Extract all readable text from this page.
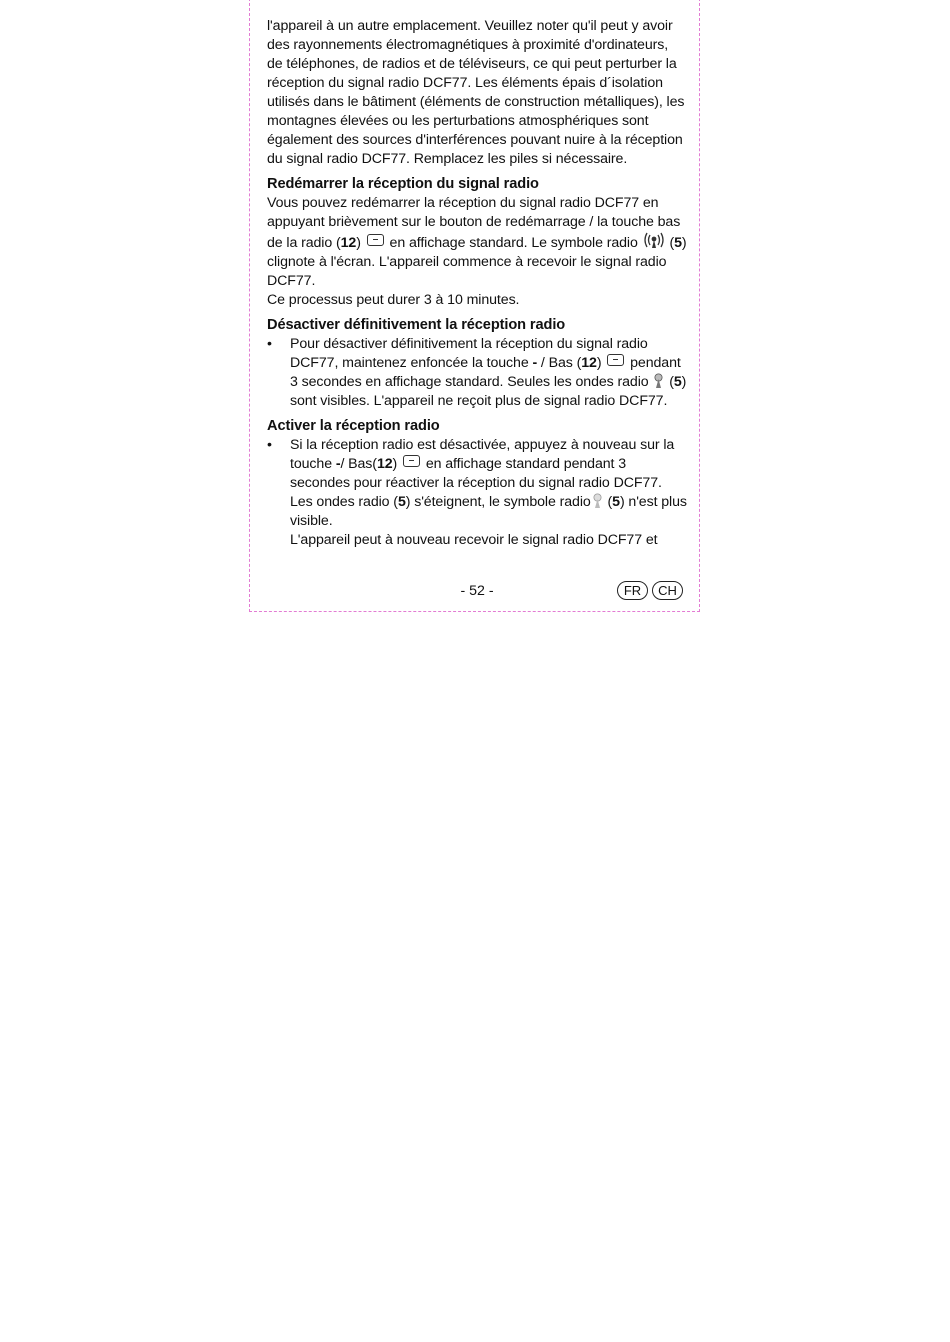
l'appareil à un autre emplacement. Veuillez noter qu'il peut y avoir des rayonnements électromagnétiques à proximité d'ordinateurs, de téléphones, de radios et de téléviseurs, ce qui peut perturber la réception du signal radio DCF77. Les éléments épais d´isolation utilisés dans le bâtiment (éléments de construction métalliques), les montagnes élevées ou les perturbations atmosphériques sont également des sources d'interférences pouvant nuire à la réception du signal radio DCF77. Remplacez les piles si nécessaire.

Redémarrer la réception du signal radio

Vous pouvez redémarrer la réception du signal radio DCF77 en appuyant brièvement sur le bouton de redémarrage / la touche bas de la radio (12)  en affichage standard. Le symbole radio  (5) clignote à l'écran. L'appareil commence à recevoir le signal radio DCF77.

Ce processus peut durer 3 à 10 minutes.

Désactiver définitivement la réception radio
• Pour désactiver définitivement la réception du signal radio DCF77, maintenez enfoncée la touche - / Bas (12)  pendant 3 secondes en affichage standard. Seules les ondes radio  (5) sont visibles. L'appareil ne reçoit plus de signal radio DCF77.

Activer la réception radio
• Si la réception radio est désactivée, appuyez à nouveau sur la touche -/ Bas(12)  en affichage standard pendant 3 secondes pour réactiver la réception du signal radio DCF77. Les ondes radio (5) s'éteignent, le symbole radio (5) n'est plus visible.

L'appareil peut à nouveau recevoir le signal radio DCF77 et

- 52 -	FR	CH
